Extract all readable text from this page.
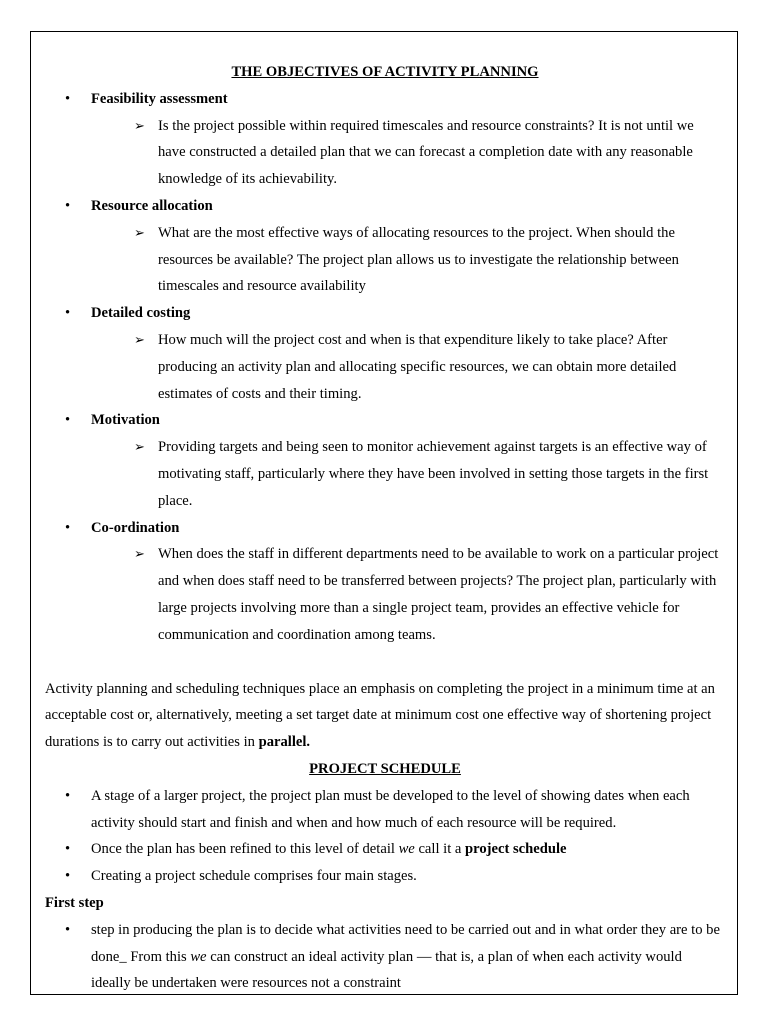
THE OBJECTIVES OF ACTIVITY PLANNING
• Feasibility assessment
➢ Is the project possible within required timescales and resource constraints? It is not until we have constructed a detailed plan that we can forecast a completion date with any reasonable knowledge of its achievability.
• Resource allocation
➢ What are the most effective ways of allocating resources to the project. When should the resources be available? The project plan allows us to investigate the relationship between timescales and resource availability
• Detailed costing
➢ How much will the project cost and when is that expenditure likely to take place? After producing an activity plan and allocating specific resources, we can obtain more detailed estimates of costs and their timing.
• Motivation
➢ Providing targets and being seen to monitor achievement against targets is an effective way of motivating staff, particularly where they have been involved in setting those targets in the first place.
• Co-ordination
➢ When does the staff in different departments need to be available to work on a particular project and when does staff need to be transferred between projects? The project plan, particularly with large projects involving more than a single project team, provides an effective vehicle for communication and coordination among teams.
Activity planning and scheduling techniques place an emphasis on completing the project in a minimum time at an acceptable cost or, alternatively, meeting a set target date at minimum cost one effective way of shortening project durations is to carry out activities in parallel.
PROJECT SCHEDULE
• A stage of a larger project, the project plan must be developed to the level of showing dates when each activity should start and finish and when and how much of each resource will be required.
• Once the plan has been refined to this level of detail we call it a project schedule
• Creating a project schedule comprises four main stages.
First step
• step in producing the plan is to decide what activities need to be carried out and in what order they are to be done_ From this we can construct an ideal activity plan — that is, a plan of when each activity would ideally be undertaken were resources not a constraint
